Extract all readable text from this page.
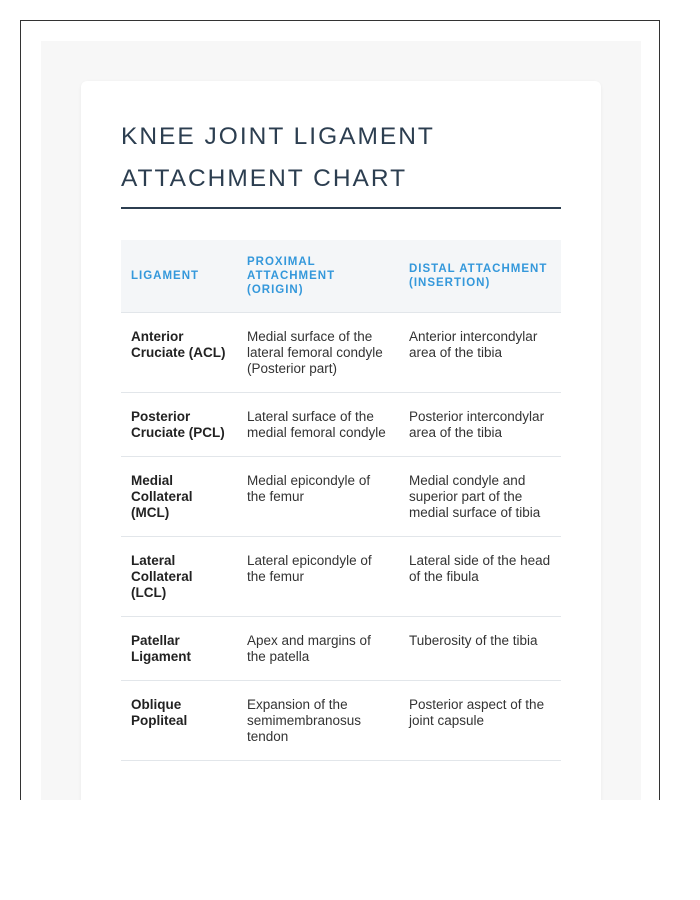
KNEE JOINT LIGAMENT ATTACHMENT CHART
LIGAMENT	PROXIMAL ATTACHMENT (ORIGIN)	DISTAL ATTACHMENT (INSERTION)
Anterior Cruciate (ACL)	Medial surface of the lateral femoral condyle (Posterior part)	Anterior intercondylar area of the tibia
Posterior Cruciate (PCL)	Lateral surface of the medial femoral condyle	Posterior intercondylar area of the tibia
Medial Collateral (MCL)	Medial epicondyle of the femur	Medial condyle and superior part of the medial surface of tibia
Lateral Collateral (LCL)	Lateral epicondyle of the femur	Lateral side of the head of the fibula
Patellar Ligament	Apex and margins of the patella	Tuberosity of the tibia
Oblique Popliteal	Expansion of the semimembranosus tendon	Posterior aspect of the joint capsule
